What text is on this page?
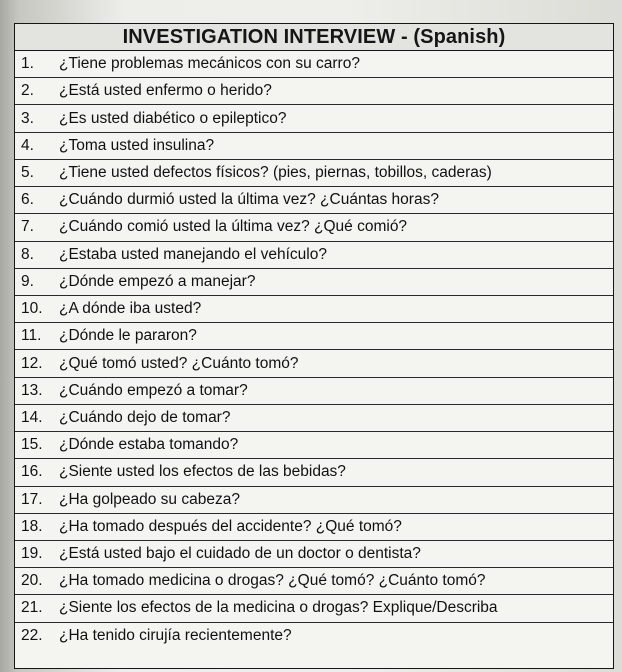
INVESTIGATION INTERVIEW - (Spanish)
1.	¿Tiene problemas mecánicos con su carro?
2.	¿Está usted enfermo o herido?
3.	¿Es usted diabético o epileptico?
4.	¿Toma usted insulina?
5.	¿Tiene usted defectos físicos? (pies, piernas, tobillos, caderas)
6.	¿Cuándo durmió usted la última vez? ¿Cuántas horas?
7.	¿Cuándo comió usted la última vez? ¿Qué comió?
8.	¿Estaba usted manejando el vehículo?
9.	¿Dónde empezó a manejar?
10.	¿A dónde iba usted?
11.	¿Dónde le pararon?
12.	¿Qué tomó usted? ¿Cuánto tomó?
13.	¿Cuándo empezó a tomar?
14.	¿Cuándo dejo de tomar?
15.	¿Dónde estaba tomando?
16.	¿Siente usted los efectos de las bebidas?
17.	¿Ha golpeado su cabeza?
18.	¿Ha tomado después del accidente? ¿Qué tomó?
19.	¿Está usted bajo el cuidado de un doctor o dentista?
20.	¿Ha tomado medicina o drogas? ¿Qué tomó? ¿Cuánto tomó?
21.	¿Siente los efectos de la medicina o drogas? Explique/Describa
22.	¿Ha tenido cirujía recientemente?
